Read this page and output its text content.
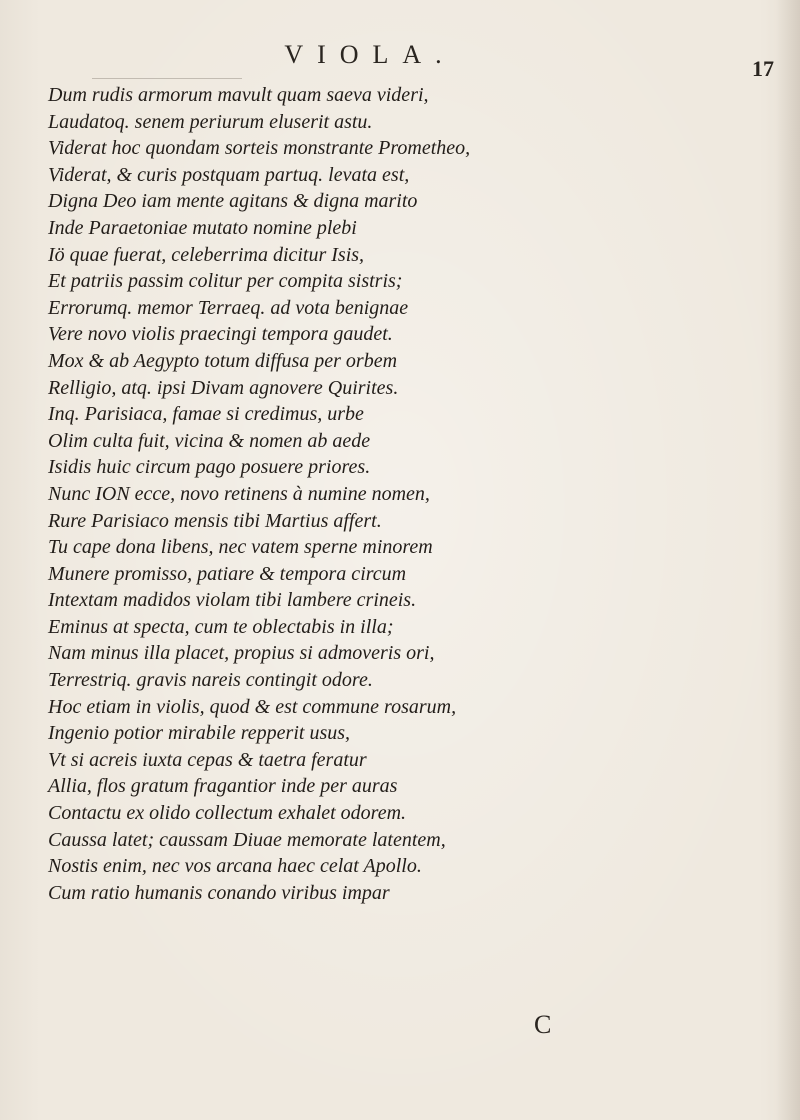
VIOLA.	17
Dum rudis armorum mavult quam saeva videri,
Laudatoq. senem periurum eluserit astu.
Viderat hoc quondam sorteis monstrante Prometheo,
Viderat, & curis postquam partuq. levata est,
Digna Deo iam mente agitans & digna marito
Inde Paraetoniae mutato nomine plebi
Iö quae fuerat, celeberrima dicitur Isis,
Et patriis passim colitur per compita sistris;
Errorumq. memor Terraeq. ad vota benignae
Vere novo violis praecingi tempora gaudet.
Mox & ab Aegypto totum diffusa per orbem
Relligio, atq. ipsi Divam agnovere Quirites.
Inq. Parisiaca, famae si credimus, urbe
Olim culta fuit, vicina & nomen ab aede
Isidis huic circum pago posuere priores.
Nunc ION ecce, novo retinens à numine nomen,
Rure Parisiaco mensis tibi Martius affert.
Tu cape dona libens, nec vatem sperne minorem
Munere promisso, patiare & tempora circum
Intextam madidos violam tibi lambere crineis.
Eminus at specta, cum te oblectabis in illa;
Nam minus illa placet, propius si admoveris ori,
Terrestriq. gravis nareis contingit odore.
Hoc etiam in violis, quod & est commune rosarum,
Ingenio potior mirabile repperit usus,
Vt si acreis iuxta cepas & taetra feratur
Allia, flos gratum fragantior inde per auras
Contactu ex olido collectum exhalet odorem.
Caussa latet; caussam Diuae memorate latentem,
Nostis enim, nec vos arcana haec celat Apollo.
Cum ratio humanis conando viribus impar
C
